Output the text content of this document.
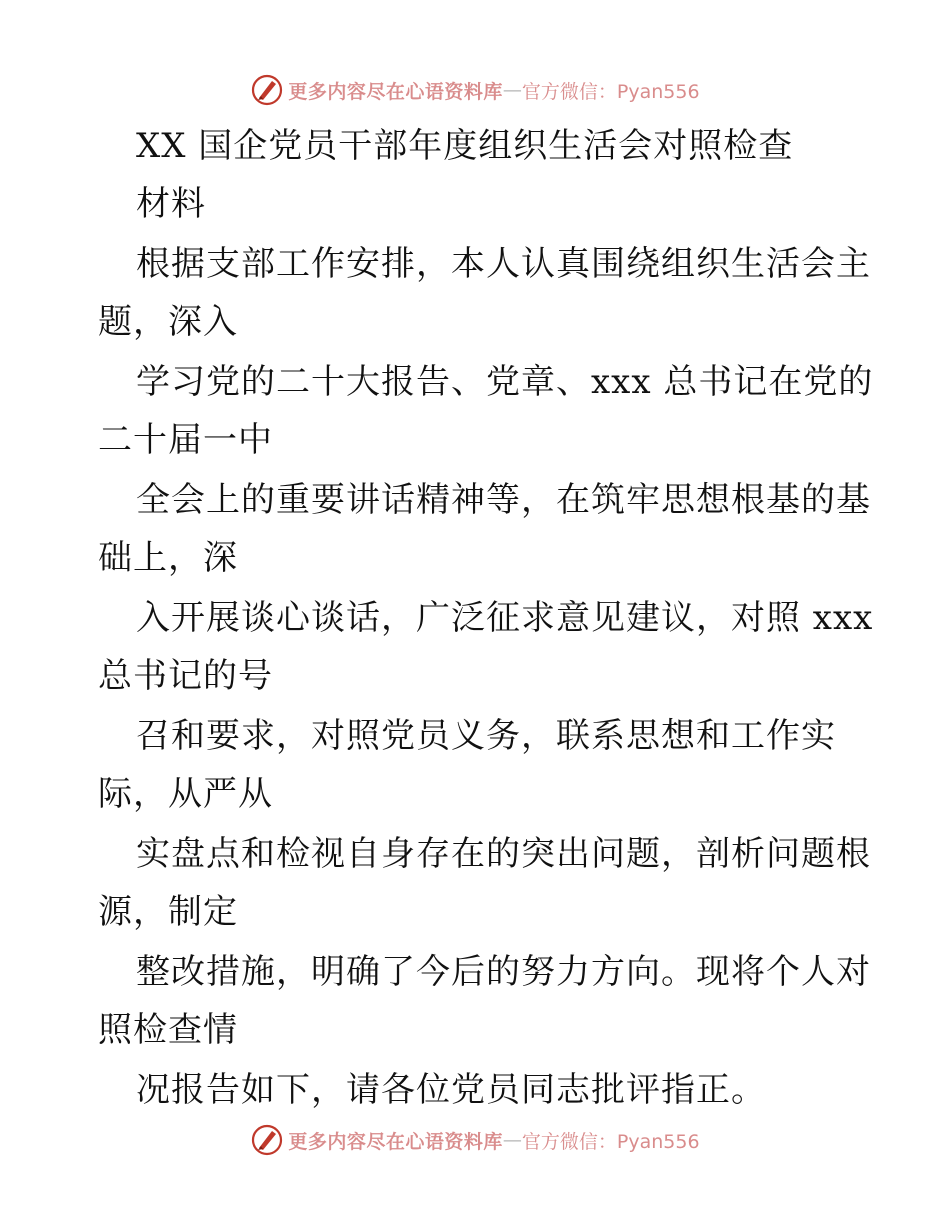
更多内容尽在心语资料库 — 官方微信：Pyan556
XX 国企党员干部年度组织生活会对照检查
材料
根据支部工作安排，本人认真围绕组织生活会主
题，深入
学习党的二十大报告、党章、xxx 总书记在党的
二十届一中
全会上的重要讲话精神等，在筑牢思想根基的基
础上，深
入开展谈心谈话，广泛征求意见建议，对照 xxx
总书记的号
召和要求，对照党员义务，联系思想和工作实
际，从严从
实盘点和检视自身存在的突出问题，剖析问题根
源，制定
整改措施，明确了今后的努力方向。现将个人对
照检查情
况报告如下，请各位党员同志批评指正。
更多内容尽在心语资料库 — 官方微信：Pyan556
